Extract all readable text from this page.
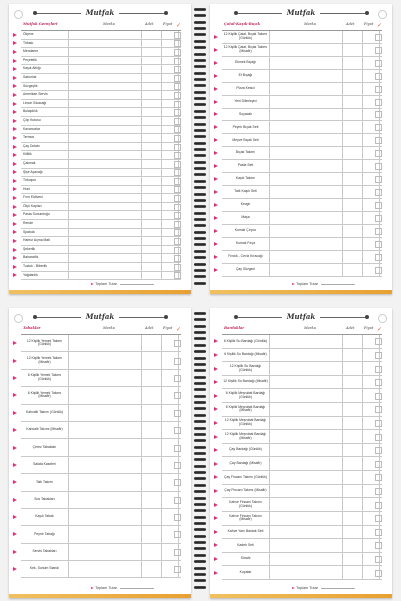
Mutfak
Mutfak Gereçleri	Marka	Adet	Fiyat ✓
Ölçeve
Tirbalo
Mendame
Peçetelik
Kaşık Altlığı
Saburluk
Süzgeçlik
Amerikan Servis
Limon Sıkacağı
Bulaşıklık
Çöp Kutusu
Kavanozlar
Termos
Çay Dolabı
Kilitlik
Çakmak
Şişe Açacağı
Tirbuşon
Huni
Fırın Eldiveni
Ölçü Kapları
Pasta Sunumluğu
Rende
Spatula
Hamur Açma Mati
Şekerlik
Baharatlık
Tuzluk - Biberlik
Yağdanlık
Toplam Tutar
Mutfak
Çatal-Kaşık-Bıçak	Marka	Adet	Fiyat ✓
12 Kişilik Çatal, Bıçak Takımı (Günlük)
12 Kişilik Çatal, Bıçak Takımı (Misafir)
Ekmek Bıçağı
Et Bıçağı
Pizza Kesici
Yeni Dilimleyici
Soyacak
Peynir Bıçak Seti
Meyve Bıçak Seti
Bıçak Takımı
Pasta Seti
Kaşık Takımı
Tatlı Kaşık Seti
Kevgir
Maşa
Kumalı Çırpıcı
Kumalı Fırça
Fındık - Ceviz Kıracağı
Çay Süzgeci
Toplam Tutar
Mutfak
Tabaklar	Marka	Adet	Fiyat ✓
12 Kişilik Yemek Takımı (Günlük)
12 Kişilik Yemek Takımı (Misafir)
6 Kişilik Yemek Takımı (Günlük)
6 Kişilik Yemek Takımı (Misafir)
Kahvaltı Takımı (Günlük)
Kahvaltı Takımı (Misafir)
Çerez Tabakları
Salata Kaseleri
Tatlı Takımı
Sos Tabakları
Kayık Tabak
Peynir Tabağı
Servis Tabakları
Kek, Sunum Standı
Toplam Tutar
Mutfak
Bardaklar	Marka	Adet	Fiyat ✓
6 Kişilik Su Bardağı (Günlük)
6 Kişilik Su Bardağı (Misafir)
12 Kişilik Su Bardağı (Günlük)
12 Kişilik Su Bardağı (Misafir)
6 Kişilik Meşrubat Bardağı (Günlük)
6 Kişilik Meşrubat Bardağı (Misafir)
12 Kişilik Meşrubat Bardağı (Günlük)
12 Kişilik Meşrubat Bardağı (Misafir)
Çay Bardağı (Günlük)
Çay Bardağı (Misafir)
Çay Fincanı Takımı (Günlük)
Çay Fincanı Takımı (Misafir)
Kahve Fincanı Takımı (Günlük)
Kahve Fincanı Takımı (Misafir)
Kahve Yanı Bardak Seti
Kadeh Seti
Sürahi
Kupalar
Toplam Tutar
